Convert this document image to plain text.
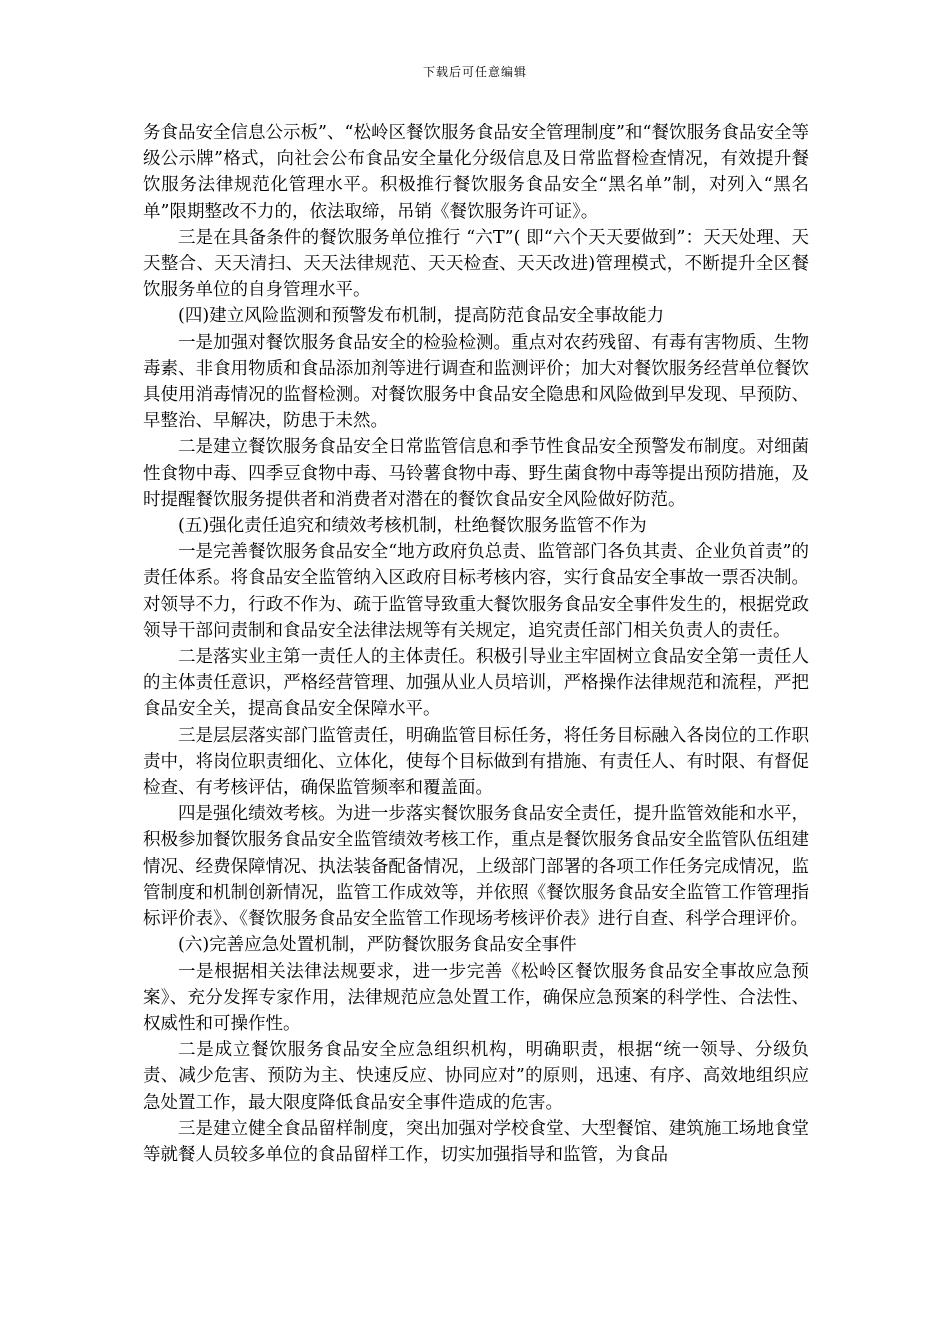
下载后可任意编辑

务食品安全信息公示板”、“松岭区餐饮服务食品安全管理制度”和“餐饮服务食品安全等级公示牌”格式，向社会公布食品安全量化分级信息及日常监督检查情况，有效提升餐饮服务法律规范化管理水平。积极推行餐饮服务食品安全“黑名单”制，对列入“黑名单”限期整改不力的，依法取缔，吊销《餐饮服务许可证》。

三是在具备条件的餐饮服务单位推行 “六T”( 即“六个天天要做到”：天天处理、天天整合、天天清扫、天天法律规范、天天检查、天天改进)管理模式，不断提升全区餐饮服务单位的自身管理水平。

(四)建立风险监测和预警发布机制，提高防范食品安全事故能力

一是加强对餐饮服务食品安全的检验检测。重点对农药残留、有毒有害物质、生物毒素、非食用物质和食品添加剂等进行调查和监测评价；加大对餐饮服务经营单位餐饮具使用消毒情况的监督检测。对餐饮服务中食品安全隐患和风险做到早发现、早预防、早整治、早解决，防患于未然。

二是建立餐饮服务食品安全日常监管信息和季节性食品安全预警发布制度。对细菌性食物中毒、四季豆食物中毒、马铃薯食物中毒、野生菌食物中毒等提出预防措施，及时提醒餐饮服务提供者和消费者对潜在的餐饮食品安全风险做好防范。

(五)强化责任追究和绩效考核机制，杜绝餐饮服务监管不作为

一是完善餐饮服务食品安全“地方政府负总责、监管部门各负其责、企业负首责”的责任体系。将食品安全监管纳入区政府目标考核内容，实行食品安全事故一票否决制。对领导不力，行政不作为、疏于监管导致重大餐饮服务食品安全事件发生的，根据党政领导干部问责制和食品安全法律法规等有关规定，追究责任部门相关负责人的责任。

二是落实业主第一责任人的主体责任。积极引导业主牢固树立食品安全第一责任人的主体责任意识，严格经营管理、加强从业人员培训，严格操作法律规范和流程，严把食品安全关，提高食品安全保障水平。

三是层层落实部门监管责任，明确监管目标任务，将任务目标融入各岗位的工作职责中，将岗位职责细化、立体化，使每个目标做到有措施、有责任人、有时限、有督促检查、有考核评估，确保监管频率和覆盖面。

四是强化绩效考核。为进一步落实餐饮服务食品安全责任，提升监管效能和水平，积极参加餐饮服务食品安全监管绩效考核工作，重点是餐饮服务食品安全监管队伍组建情况、经费保障情况、执法装备配备情况，上级部门部署的各项工作任务完成情况，监管制度和机制创新情况，监管工作成效等，并依照《餐饮服务食品安全监管工作管理指标评价表》、《餐饮服务食品安全监管工作现场考核评价表》进行自查、科学合理评价。

(六)完善应急处置机制，严防餐饮服务食品安全事件

一是根据相关法律法规要求，进一步完善《松岭区餐饮服务食品安全事故应急预案》、充分发挥专家作用，法律规范应急处置工作，确保应急预案的科学性、合法性、权威性和可操作性。

二是成立餐饮服务食品安全应急组织机构，明确职责，根据“统一领导、分级负责、减少危害、预防为主、快速反应、协同应对”的原则，迅速、有序、高效地组织应急处置工作，最大限度降低食品安全事件造成的危害。

三是建立健全食品留样制度，突出加强对学校食堂、大型餐馆、建筑施工场地食堂等就餐人员较多单位的食品留样工作，切实加强指导和监管，为食品
